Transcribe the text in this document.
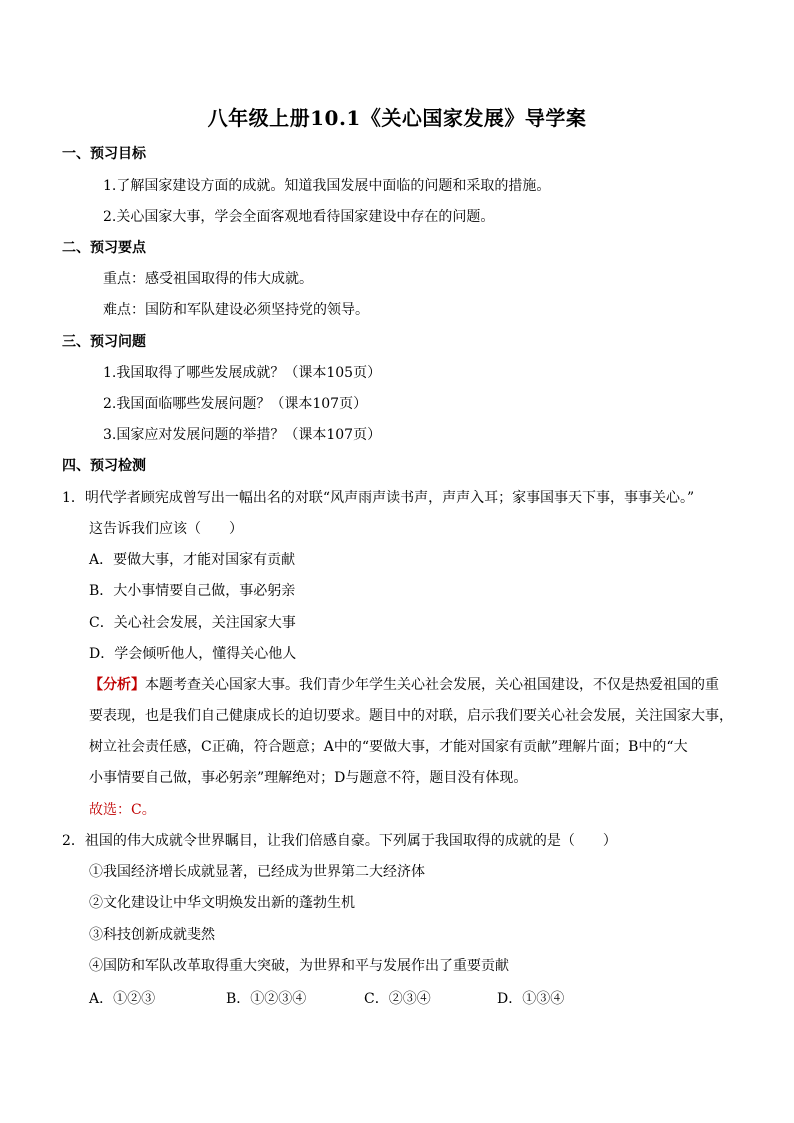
八年级上册10.1《关心国家发展》导学案
一、预习目标
1.了解国家建设方面的成就。知道我国发展中面临的问题和采取的措施。
2.关心国家大事，学会全面客观地看待国家建设中存在的问题。
二、预习要点
重点：感受祖国取得的伟大成就。
难点：国防和军队建设必须坚持党的领导。
三、预习问题
1.我国取得了哪些发展成就？（课本105页）
2.我国面临哪些发展问题？（课本107页）
3.国家应对发展问题的举措？（课本107页）
四、预习检测
1．明代学者顾宪成曾写出一幅出名的对联“风声雨声读书声，声声入耳；家事国事天下事，事事关心。”
这告诉我们应该（　　）
A．要做大事，才能对国家有贡献
B．大小事情要自己做，事必躬亲
C．关心社会发展，关注国家大事
D．学会倾听他人，懂得关心他人
【分析】本题考查关心国家大事。我们青少年学生关心社会发展，关心祖国建设，不仅是热爱祖国的重
要表现，也是我们自己健康成长的迫切要求。题目中的对联，启示我们要关心社会发展，关注国家大事，
树立社会责任感，C正确，符合题意；A中的“要做大事，才能对国家有贡献”理解片面；B中的“大
小事情要自己做，事必躬亲”理解绝对；D与题意不符，题目没有体现。
故选：C。
2．祖国的伟大成就令世界瞩目，让我们倍感自豪。下列属于我国取得的成就的是（　　）
①我国经济增长成就显著，已经成为世界第二大经济体
②文化建设让中华文明焕发出新的蓬勃生机
③科技创新成就斐然
④国防和军队改革取得重大突破，为世界和平与发展作出了重要贡献
A．①②③	B．①②③④	C．②③④	D．①③④
